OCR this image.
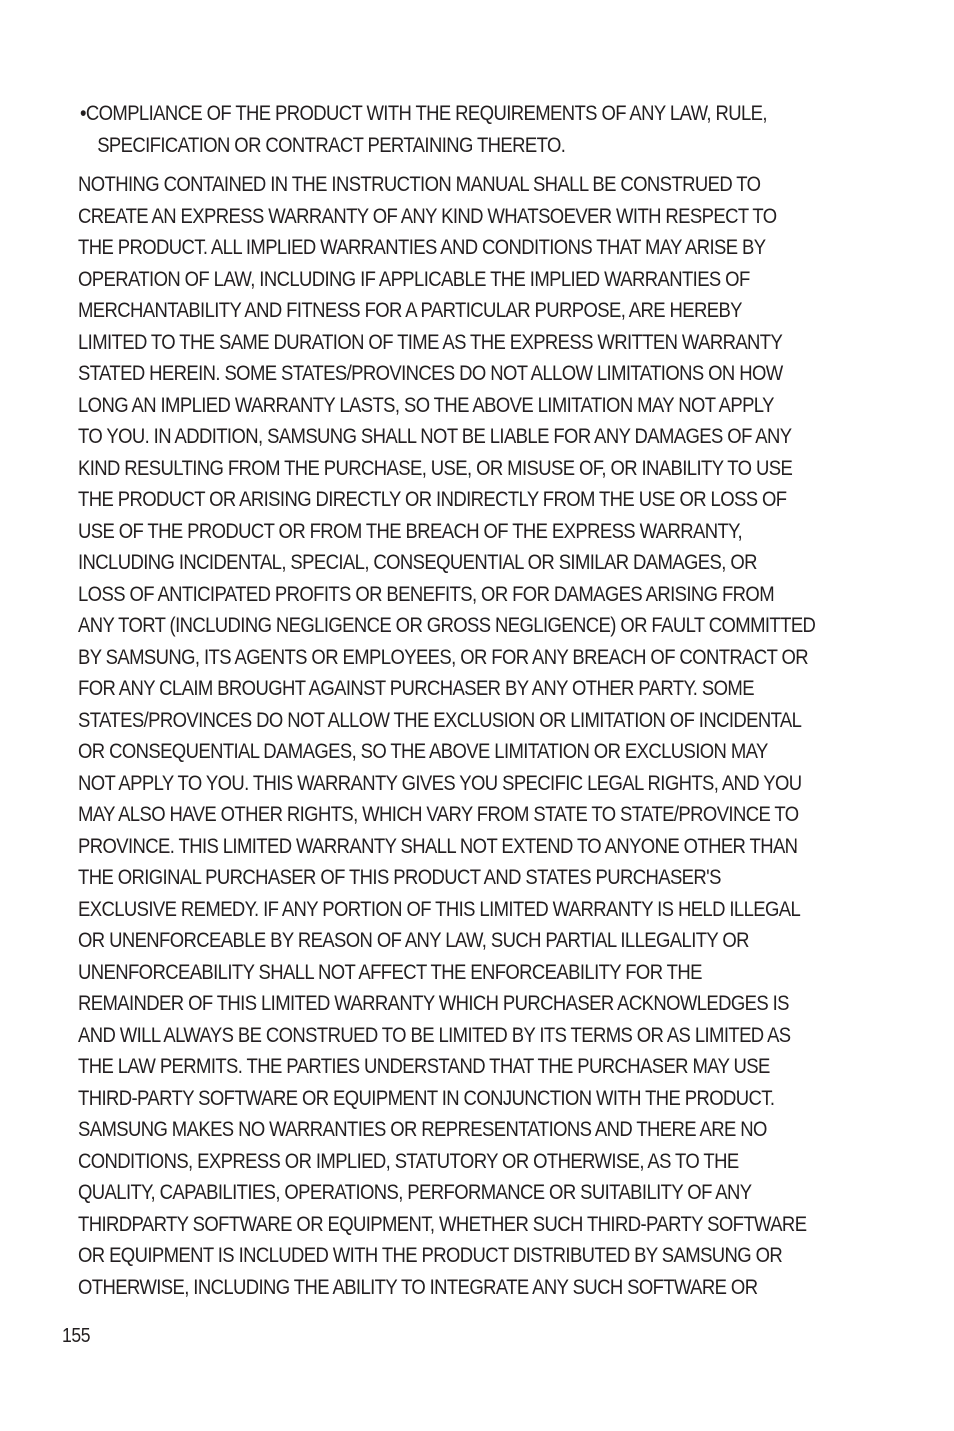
• COMPLIANCE OF THE PRODUCT WITH THE REQUIREMENTS OF ANY LAW, RULE,
SPECIFICATION OR CONTRACT PERTAINING THERETO.
NOTHING CONTAINED IN THE INSTRUCTION MANUAL SHALL BE CONSTRUED TO
CREATE AN EXPRESS WARRANTY OF ANY KIND WHATSOEVER WITH RESPECT TO
THE PRODUCT. ALL IMPLIED WARRANTIES AND CONDITIONS THAT MAY ARISE BY
OPERATION OF LAW, INCLUDING IF APPLICABLE THE IMPLIED WARRANTIES OF
MERCHANTABILITY AND FITNESS FOR A PARTICULAR PURPOSE, ARE HEREBY
LIMITED TO THE SAME DURATION OF TIME AS THE EXPRESS WRITTEN WARRANTY
STATED HEREIN. SOME STATES/PROVINCES DO NOT ALLOW LIMITATIONS ON HOW
LONG AN IMPLIED WARRANTY LASTS, SO THE ABOVE LIMITATION MAY NOT APPLY
TO YOU. IN ADDITION, SAMSUNG SHALL NOT BE LIABLE FOR ANY DAMAGES OF ANY
KIND RESULTING FROM THE PURCHASE, USE, OR MISUSE OF, OR INABILITY TO USE
THE PRODUCT OR ARISING DIRECTLY OR INDIRECTLY FROM THE USE OR LOSS OF
USE OF THE PRODUCT OR FROM THE BREACH OF THE EXPRESS WARRANTY,
INCLUDING INCIDENTAL, SPECIAL, CONSEQUENTIAL OR SIMILAR DAMAGES, OR
LOSS OF ANTICIPATED PROFITS OR BENEFITS, OR FOR DAMAGES ARISING FROM
ANY TORT (INCLUDING NEGLIGENCE OR GROSS NEGLIGENCE) OR FAULT COMMITTED
BY SAMSUNG, ITS AGENTS OR EMPLOYEES, OR FOR ANY BREACH OF CONTRACT OR
FOR ANY CLAIM BROUGHT AGAINST PURCHASER BY ANY OTHER PARTY. SOME
STATES/PROVINCES DO NOT ALLOW THE EXCLUSION OR LIMITATION OF INCIDENTAL
OR CONSEQUENTIAL DAMAGES, SO THE ABOVE LIMITATION OR EXCLUSION MAY
NOT APPLY TO YOU. THIS WARRANTY GIVES YOU SPECIFIC LEGAL RIGHTS, AND YOU
MAY ALSO HAVE OTHER RIGHTS, WHICH VARY FROM STATE TO STATE/PROVINCE TO
PROVINCE. THIS LIMITED WARRANTY SHALL NOT EXTEND TO ANYONE OTHER THAN
THE ORIGINAL PURCHASER OF THIS PRODUCT AND STATES PURCHASER'S
EXCLUSIVE REMEDY. IF ANY PORTION OF THIS LIMITED WARRANTY IS HELD ILLEGAL
OR UNENFORCEABLE BY REASON OF ANY LAW, SUCH PARTIAL ILLEGALITY OR
UNENFORCEABILITY SHALL NOT AFFECT THE ENFORCEABILITY FOR THE
REMAINDER OF THIS LIMITED WARRANTY WHICH PURCHASER ACKNOWLEDGES IS
AND WILL ALWAYS BE CONSTRUED TO BE LIMITED BY ITS TERMS OR AS LIMITED AS
THE LAW PERMITS. THE PARTIES UNDERSTAND THAT THE PURCHASER MAY USE
THIRD-PARTY SOFTWARE OR EQUIPMENT IN CONJUNCTION WITH THE PRODUCT.
SAMSUNG MAKES NO WARRANTIES OR REPRESENTATIONS AND THERE ARE NO
CONDITIONS, EXPRESS OR IMPLIED, STATUTORY OR OTHERWISE, AS TO THE
QUALITY, CAPABILITIES, OPERATIONS, PERFORMANCE OR SUITABILITY OF ANY
THIRDPARTY SOFTWARE OR EQUIPMENT, WHETHER SUCH THIRD-PARTY SOFTWARE
OR EQUIPMENT IS INCLUDED WITH THE PRODUCT DISTRIBUTED BY SAMSUNG OR
OTHERWISE, INCLUDING THE ABILITY TO INTEGRATE ANY SUCH SOFTWARE OR
155
